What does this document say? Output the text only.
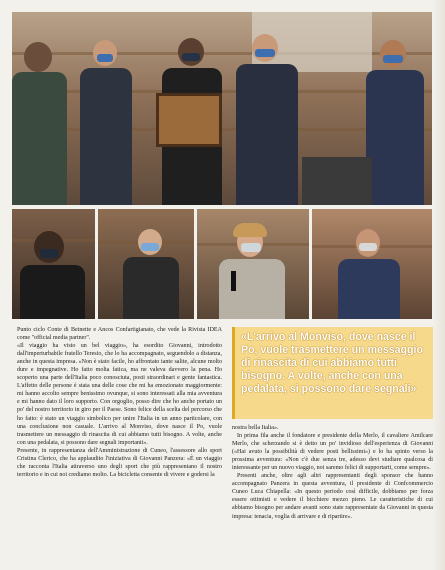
Punto ciclo Conte di Beinette e Ancos Confartigianato, che vede la Rivista IDEA come "official media partner".

«Il viaggio ha visto un bel viaggio», ha esordito Giovanni, introdotto dall'imperturbabile fratello Teresio, che lo ha accompagnato, seguendolo a distanza, anche in questa impresa. «Non è stato facile, ho affrontato tante salite, alcune molto dure e impegnative. Ho fatto molta fatica, ma ne valeva davvero la pena. Ho scoperto una parte dell'Italia poco conosciuta, posti straordinari e gente fantastica. L'affetto delle persone è stata una delle cose che mi ha emozionato maggiormente: mi hanno accolto sempre benissimo ovunque, si sono interessati alla mia avventura e mi hanno dato il loro supporto. Con orgoglio, posso dire che ho anche portato un po' del nostro territorio in giro per il Paese. Sono felice della scelta del percorso che ho fatto: è stato un viaggio simbolico per unire l'Italia in un anno particolare, con una conclusione non casuale. L'arrivo al Monviso, dove nasce il Po, vuole trasmettere un messaggio di rinascita di cui abbiamo tutti bisogno. A volte, anche con una pedalata, si possono dare segnali importanti».

Presente, in rappresentanza dell'Amministrazione di Cuneo, l'assessore allo sport Cristina Clerico, che ha applaudito l'iniziativa di Giovanni Panzera: «È un viaggio che racconta l'Italia attraverso uno degli sport che più rappresentano il nostro territorio e in cui noi crediamo molto. La bicicletta consente di vivere e godersi la

«L'arrivo al Monviso, dove nasce il Po, vuole trasmettere un messaggio di rinascita di cui abbiamo tutti bisogno. A volte, anche con una pedalata, si possono dare segnali»

nostra bella Italia».

In prima fila anche il fondatore e presidente della Merlo, il cavaliere Amilcare Merlo, che scherzando si è detto un po' invidioso dell'esperienza di Giovanni («Hai avuto la possibilità di vedere posti bellissimi») e lo ha spinto verso la prossima avventura: «Non c'è due senza tre, adesso devi studiare qualcosa di interessante per un nuovo viaggio, noi saremo felici di supportarti, come sempre».

Presenti anche, oltre agli altri rappresentanti degli sponsor che hanno accompagnato Panzera in questa avventura, il presidente di Confcommercio Cuneo Luca Chiapella: «In questo periodo così difficile, dobbiamo per forza essere ottimisti e vedere il bicchiere mezzo pieno. Le caratteristiche di cui abbiamo bisogno per andare avanti sono state rappresentate da Giovanni in questa impresa: tenacia, voglia di arrivare e di ripartire».
